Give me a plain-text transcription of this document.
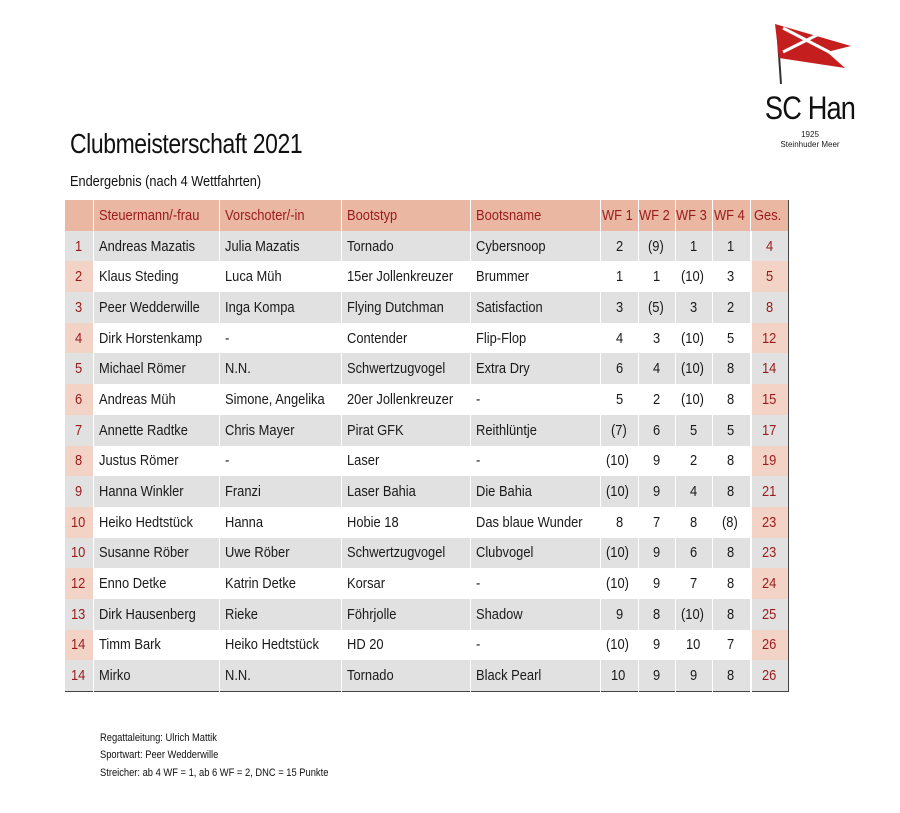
SC Han
1925
Steinhuder Meer
Clubmeisterschaft 2021
Endergebnis (nach 4 Wettfahrten)
	Steuermann/-frau	Vorschoter/-in	Bootstyp	Bootsname	WF 1	WF 2	WF 3	WF 4	Ges.
1	Andreas Mazatis	Julia Mazatis	Tornado	Cybersnoop	2	(9)	1	1	4
2	Klaus Steding	Luca Müh	15er Jollenkreuzer	Brummer	1	1	(10)	3	5
3	Peer Wedderwille	Inga Kompa	Flying Dutchman	Satisfaction	3	(5)	3	2	8
4	Dirk Horstenkamp	-	Contender	Flip-Flop	4	3	(10)	5	12
5	Michael Römer	N.N.	Schwertzugvogel	Extra Dry	6	4	(10)	8	14
6	Andreas Müh	Simone, Angelika	20er Jollenkreuzer	-	5	2	(10)	8	15
7	Annette Radtke	Chris Mayer	Pirat GFK	Reithlüntje	(7)	6	5	5	17
8	Justus Römer	-	Laser	-	(10)	9	2	8	19
9	Hanna Winkler	Franzi	Laser Bahia	Die Bahia	(10)	9	4	8	21
10	Heiko Hedtstück	Hanna	Hobie 18	Das blaue Wunder	8	7	8	(8)	23
10	Susanne Röber	Uwe Röber	Schwertzugvogel	Clubvogel	(10)	9	6	8	23
12	Enno Detke	Katrin Detke	Korsar	-	(10)	9	7	8	24
13	Dirk Hausenberg	Rieke	Föhrjolle	Shadow	9	8	(10)	8	25
14	Timm Bark	Heiko Hedtstück	HD 20	-	(10)	9	10	7	26
14	Mirko	N.N.	Tornado	Black Pearl	10	9	9	8	26
Regattaleitung: Ulrich Mattik
Sportwart: Peer Wedderwille
Streicher: ab 4 WF = 1, ab 6 WF = 2, DNC = 15 Punkte
